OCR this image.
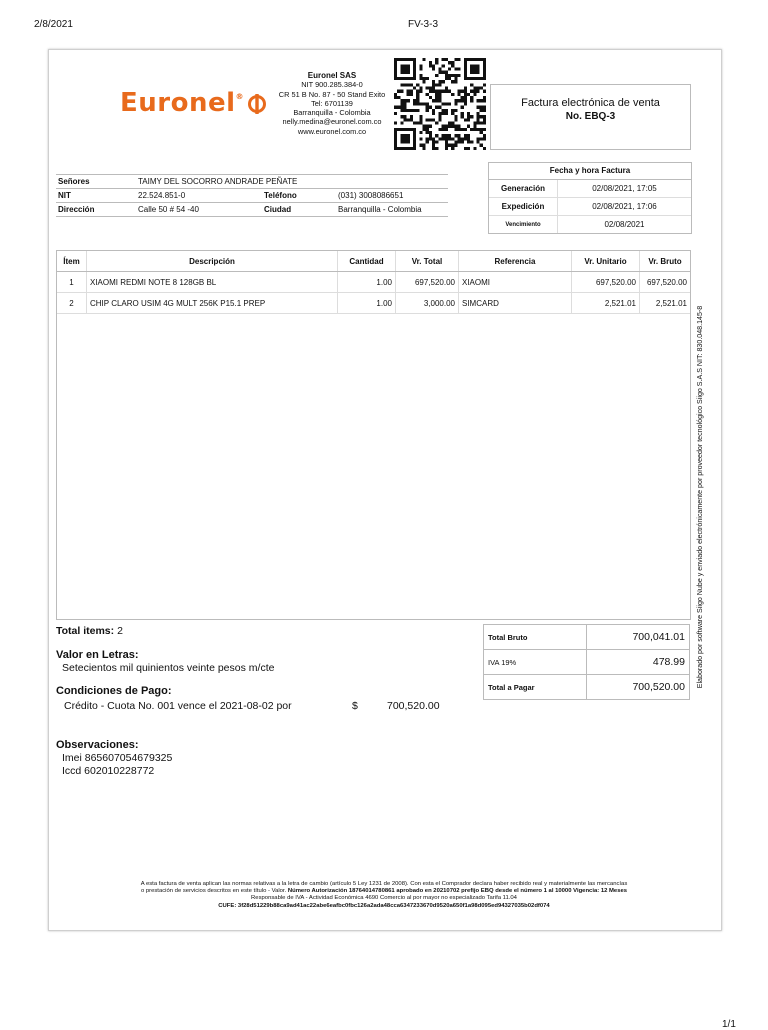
2/8/2021	FV-3-3
1/1
Euronel ®
Euronel SAS
NIT 900.285.384-0
CR 51 B No. 87 - 50 Stand Exito
Tel: 6701139
Barranquilla - Colombia
nelly.medina@euronel.com.co
www.euronel.com.co
Factura electrónica de venta
No. EBQ-3
Señores	TAIMY DEL SOCORRO ANDRADE PEÑATE		
NIT	22.524.851-0	Teléfono	(031) 3008086651
Dirección	Calle 50 # 54 -40	Ciudad	Barranquilla - Colombia
Fecha y hora Factura
Generación	02/08/2021, 17:05
Expedición	02/08/2021, 17:06
Vencimiento	02/08/2021
Ítem	Descripción	Cantidad	Vr. Total	Referencia	Vr. Unitario	Vr. Bruto
1	XIAOMI REDMI NOTE 8 128GB BL	1.00	697,520.00	XIAOMI	697,520.00	697,520.00
2	CHIP CLARO USIM 4G MULT 256K P15.1 PREP	1.00	3,000.00	SIMCARD	2,521.01	2,521.01
Elaborado por software Siigo Nube y enviado electrónicamente por proveedor tecnológico Siigo S.A.S NIT: 830.048.145-8
Total items: 2
Valor en Letras:
Setecientos mil quinientos veinte pesos m/cte
Condiciones de Pago:
Crédito - Cuota No. 001 vence el 2021-08-02 por	$	700,520.00
Observaciones:
Imei 865607054679325
Iccd 602010228772
Total Bruto	700,041.01
IVA 19%	478.99
Total a Pagar	700,520.00
A esta factura de venta aplican las normas relativas a la letra de cambio (artículo 5 Ley 1231 de 2008). Con esta el Comprador declara haber recibido real y materialmente las mercancías
o prestación de servicios descritos en este título - Valor. Número Autorización 18764014780861 aprobado en 20210702 prefijo EBQ desde el número 1 al 10000 Vigencia: 12 Meses
Responsable de IVA - Actividad Económica 4690 Comercio al por mayor no especializado Tarifa 11.04
CUFE: 3f28d51229b88ca9ad41ac22abe6eafbc0fbc126a2ada48cca6347233670d9520a650f1a98d095ed94327035b02df074
